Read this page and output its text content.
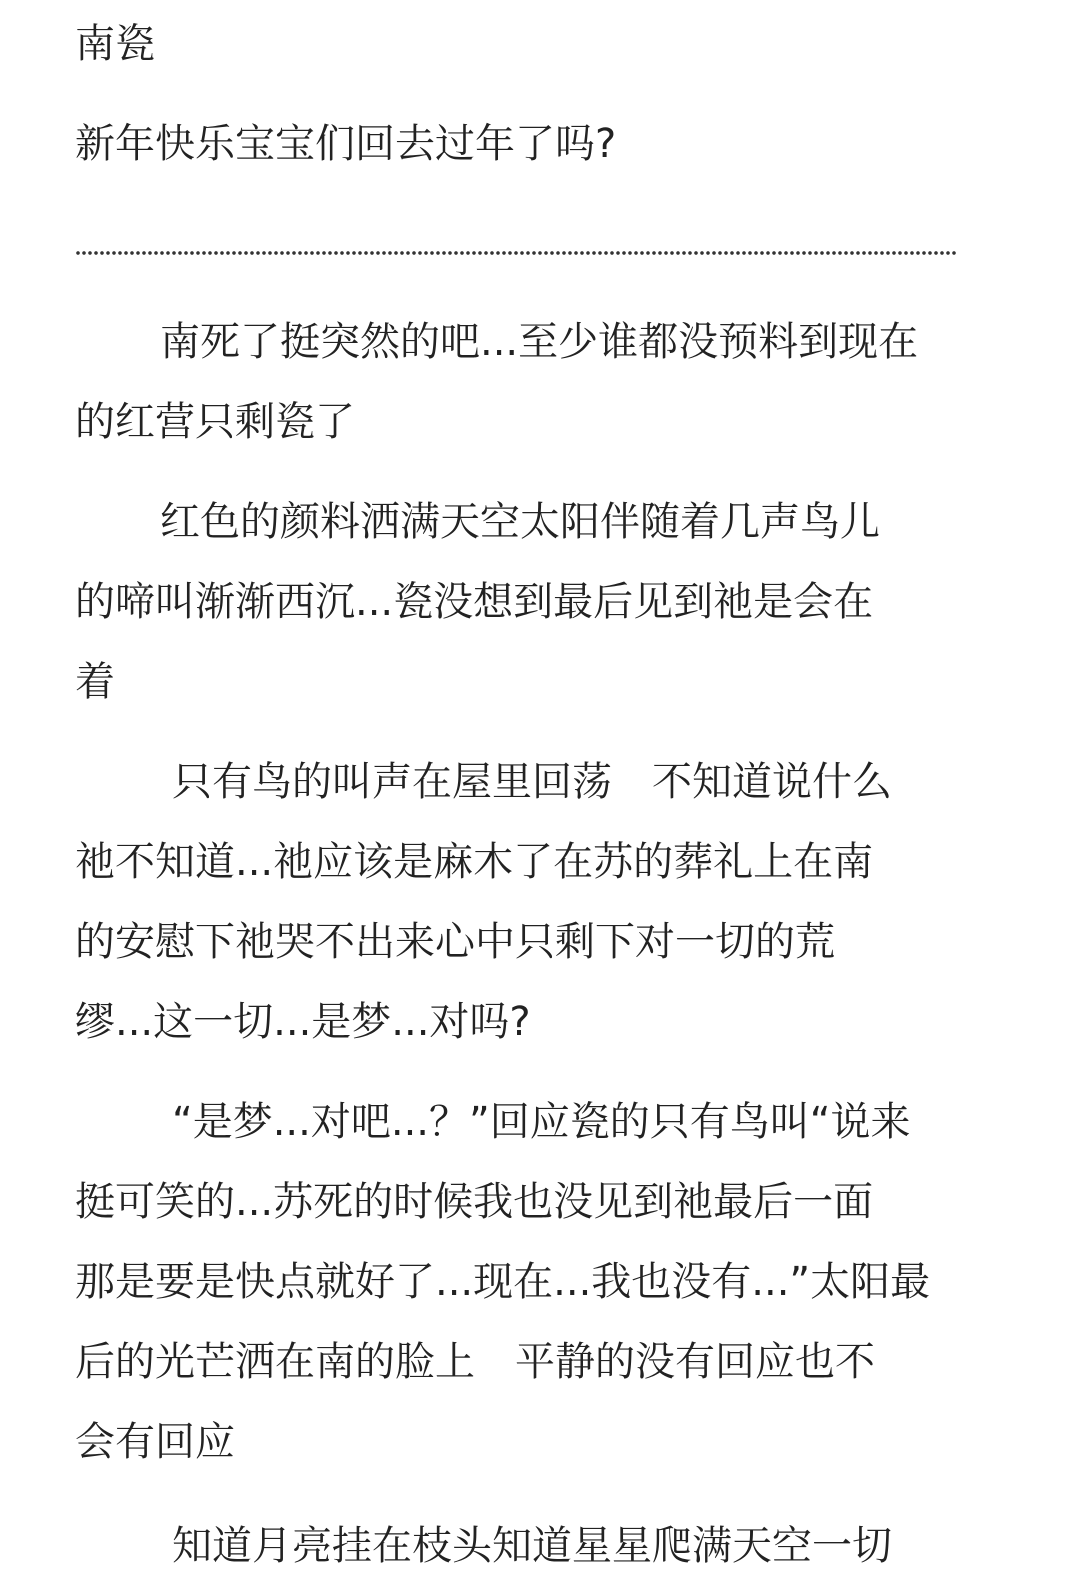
南瓷
新年快乐宝宝们回去过年了吗?
南死了挺突然的吧...至少谁都没预料到现在
的红营只剩瓷了
红色的颜料洒满天空太阳伴随着几声鸟儿
的啼叫渐渐西沉...瓷没想到最后见到祂是会在
着
只有鸟的叫声在屋里回荡　不知道说什么
祂不知道...祂应该是麻木了在苏的葬礼上在南
的安慰下祂哭不出来心中只剩下对一切的荒
缪...这一切...是梦...对吗?
“是梦...对吧...？”回应瓷的只有鸟叫“说来
挺可笑的...苏死的时候我也没见到祂最后一面
那是要是快点就好了...现在...我也没有...”太阳最
后的光芒洒在南的脸上　平静的没有回应也不
会有回应
知道月亮挂在枝头知道星星爬满天空一切
